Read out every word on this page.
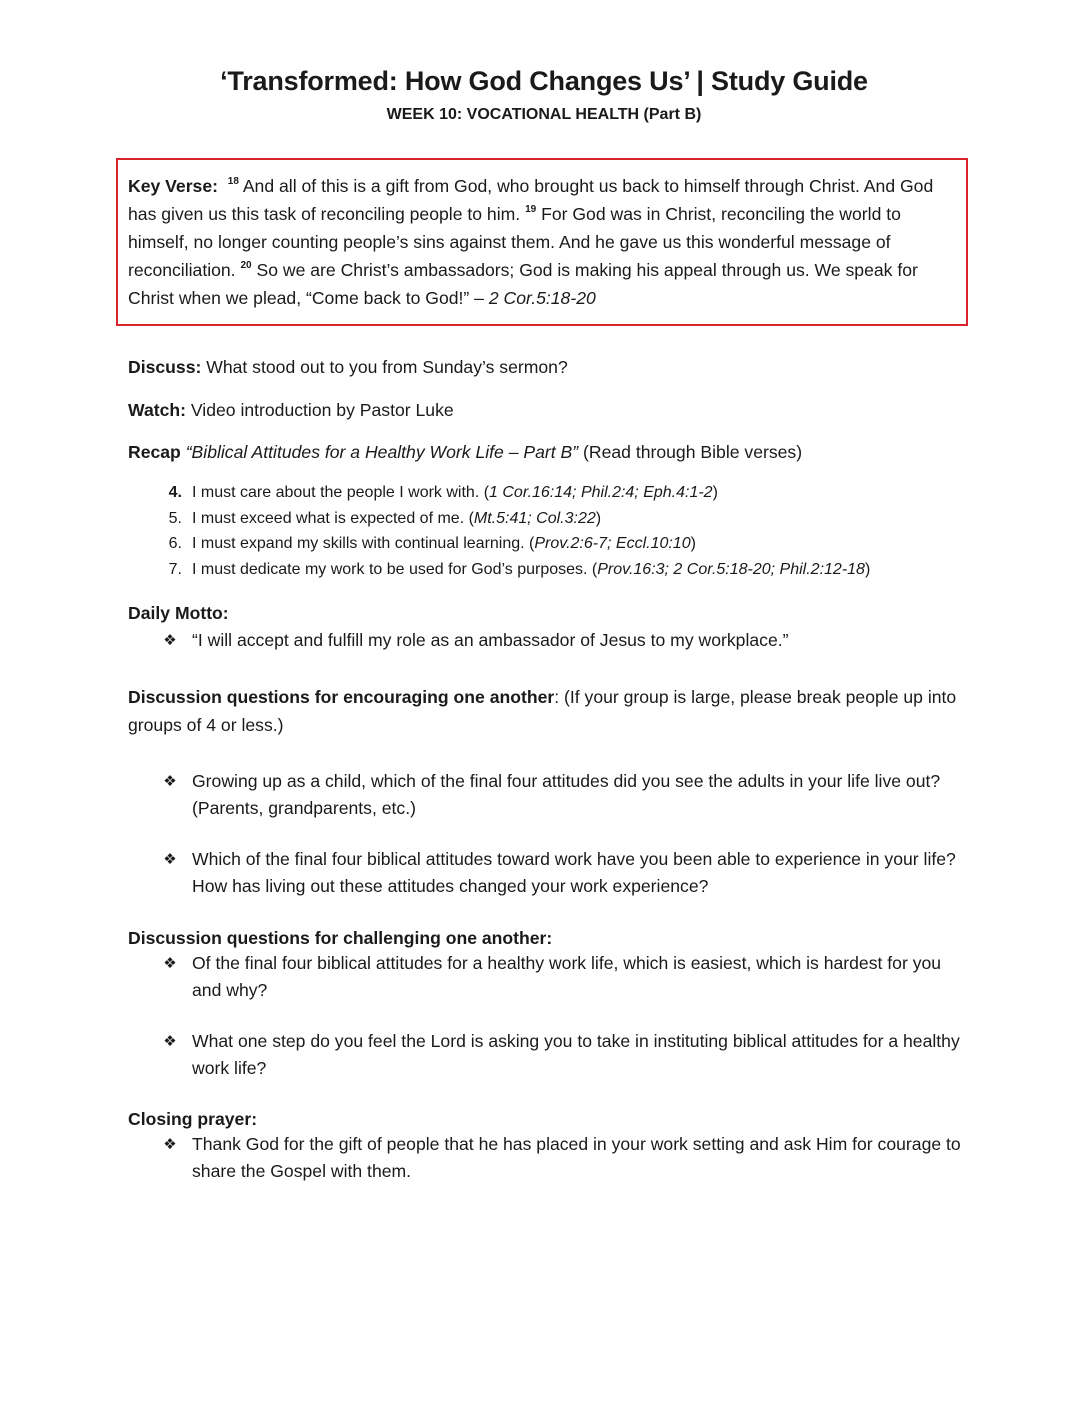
‘Transformed: How God Changes Us’ | Study Guide
WEEK 10: VOCATIONAL HEALTH (Part B)
Key Verse: $^{18}$ And all of this is a gift from God, who brought us back to himself through Christ. And God has given us this task of reconciling people to him. $^{19}$ For God was in Christ, reconciling the world to himself, no longer counting people’s sins against them. And he gave us this wonderful message of reconciliation. $^{20}$ So we are Christ’s ambassadors; God is making his appeal through us. We speak for Christ when we plead, “Come back to God!” – 2 Cor.5:18-20
Discuss: What stood out to you from Sunday’s sermon?
Watch: Video introduction by Pastor Luke
Recap “Biblical Attitudes for a Healthy Work Life – Part B” (Read through Bible verses)
4. I must care about the people I work with. ( 1 Cor.16:14; Phil.2:4; Eph.4:1-2 )
5. I must exceed what is expected of me. ( Mt.5:41; Col.3:22 )
6. I must expand my skills with continual learning. ( Prov.2:6-7; Eccl.10:10 )
7. I must dedicate my work to be used for God’s purposes. ( Prov.16:3; 2 Cor.5:18-20; Phil.2:12-18 )
Daily Motto:
❖ “I will accept and fulfill my role as an ambassador of Jesus to my workplace.”
Discussion questions for encouraging one another: (If your group is large, please break people up into groups of 4 or less.)
❖ Growing up as a child, which of the final four attitudes did you see the adults in your life live out? (Parents, grandparents, etc.)
❖ Which of the final four biblical attitudes toward work have you been able to experience in your life? How has living out these attitudes changed your work experience?
Discussion questions for challenging one another:
❖ Of the final four biblical attitudes for a healthy work life, which is easiest, which is hardest for you and why?
❖ What one step do you feel the Lord is asking you to take in instituting biblical attitudes for a healthy work life?
Closing prayer:
❖ Thank God for the gift of people that he has placed in your work setting and ask Him for courage to share the Gospel with them.
